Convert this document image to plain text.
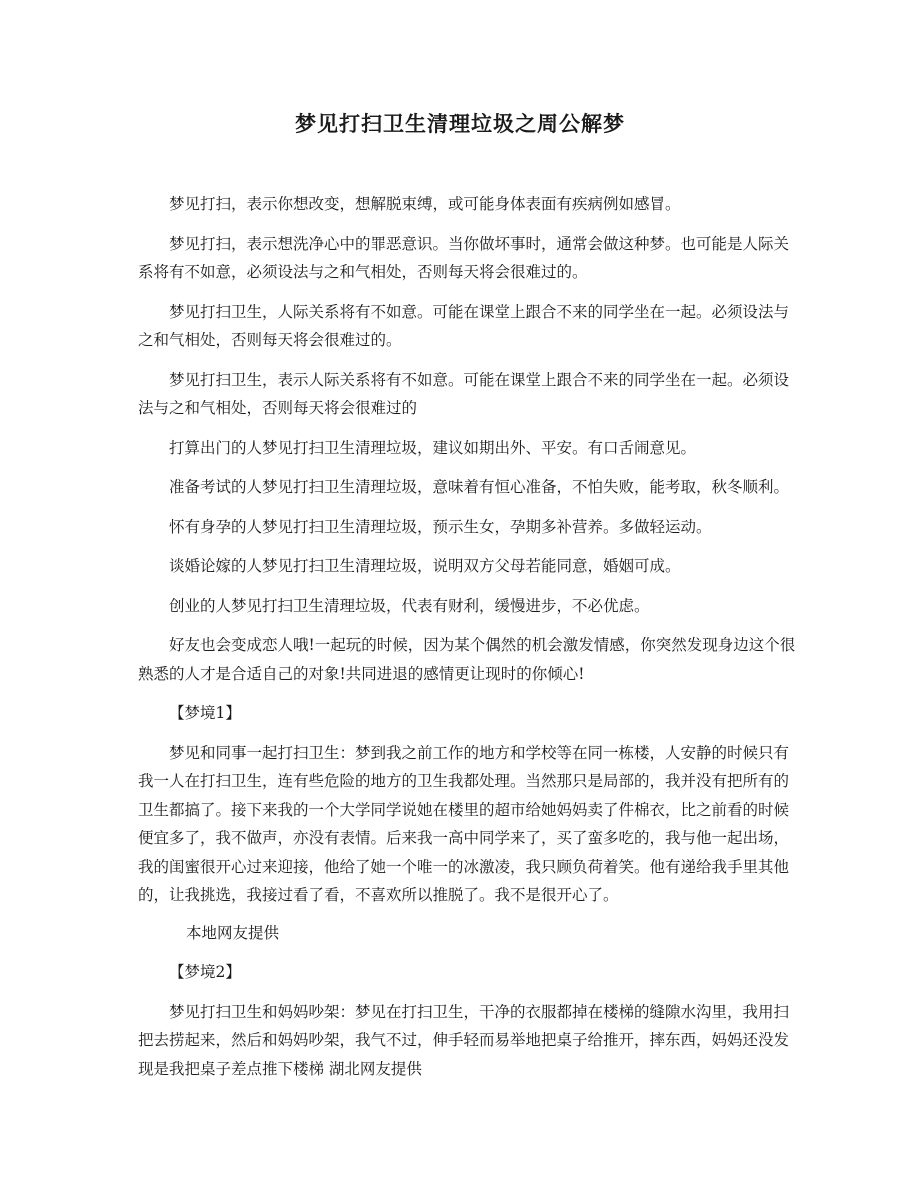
梦见打扫卫生清理垃圾之周公解梦

梦见打扫，表示你想改变，想解脱束缚，或可能身体表面有疾病例如感冒。

梦见打扫，表示想洗净心中的罪恶意识。当你做坏事时，通常会做这种梦。也可能是人际关系将有不如意，必须设法与之和气相处，否则每天将会很难过的。

梦见打扫卫生，人际关系将有不如意。可能在课堂上跟合不来的同学坐在一起。必须设法与之和气相处，否则每天将会很难过的。

梦见打扫卫生，表示人际关系将有不如意。可能在课堂上跟合不来的同学坐在一起。必须设法与之和气相处，否则每天将会很难过的

打算出门的人梦见打扫卫生清理垃圾，建议如期出外、平安。有口舌闹意见。

准备考试的人梦见打扫卫生清理垃圾，意味着有恒心准备，不怕失败，能考取，秋冬顺利。

怀有身孕的人梦见打扫卫生清理垃圾，预示生女，孕期多补营养。多做轻运动。

谈婚论嫁的人梦见打扫卫生清理垃圾，说明双方父母若能同意，婚姻可成。

创业的人梦见打扫卫生清理垃圾，代表有财利，缓慢进步，不必优虑。

好友也会变成恋人哦!一起玩的时候，因为某个偶然的机会激发情感，你突然发现身边这个很熟悉的人才是合适自己的对象!共同进退的感情更让现时的你倾心!

【梦境1】

梦见和同事一起打扫卫生：梦到我之前工作的地方和学校等在同一栋楼，人安静的时候只有我一人在打扫卫生，连有些危险的地方的卫生我都处理。当然那只是局部的，我并没有把所有的卫生都搞了。接下来我的一个大学同学说她在楼里的超市给她妈妈卖了件棉衣，比之前看的时候便宜多了，我不做声，亦没有表情。后来我一高中同学来了，买了蛮多吃的，我与他一起出场，我的闺蜜很开心过来迎接，他给了她一个唯一的冰激凌，我只顾负荷着笑。他有递给我手里其他的，让我挑选，我接过看了看，不喜欢所以推脱了。我不是很开心了。

本地网友提供

【梦境2】

梦见打扫卫生和妈妈吵架：梦见在打扫卫生，干净的衣服都掉在楼梯的缝隙水沟里，我用扫把去捞起来，然后和妈妈吵架，我气不过，伸手轻而易举地把桌子给推开，摔东西，妈妈还没发现是我把桌子差点推下楼梯 湖北网友提供
